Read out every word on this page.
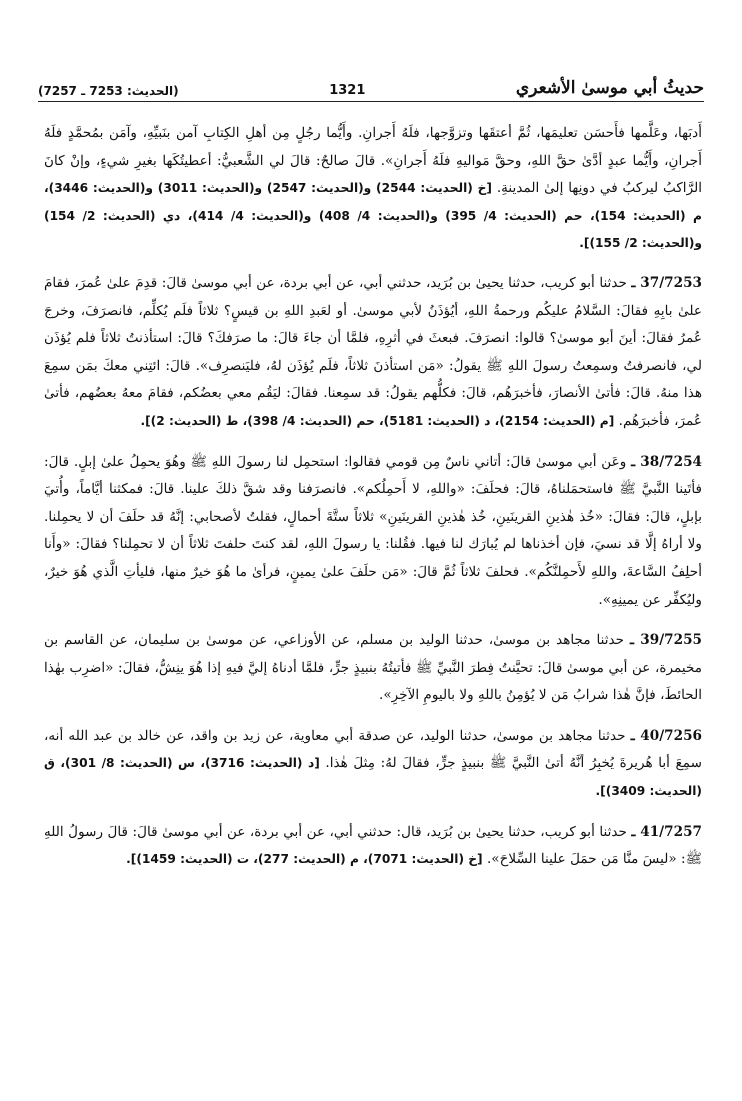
حديثُ أبي موسىٰ الأشعري
1321
(الحديث: 7253 ـ 7257)

أَدبَها، وعَلَّمها فأَحسَن تعليمَها، ثُمَّ أعتقَها وتزوَّجها، فلَهُ أَجرانِ. وأَيُّما رجُلٍ مِن أهلِ الكِتابِ آمن بنَبيِّهِ، وآمَن بمُحمَّدٍ فلَهُ أَجرانِ، وأَيُّما عبدٍ أدَّىٰ حقَّ اللهِ، وحقَّ مَواليهِ فلَهُ أَجرانِ». قالَ صالحٌ: قالَ لي الشَّعبيُّ: أعطيتُكَها بغيرِ شيءٍ، وإنْ كانَ الرَّاكبُ ليركبُ في دونِها إلىٰ المدينةِ. [خ (الحديث: 2544) و(الحديث: 2547) و(الحديث: 3011) و(الحديث: 3446)، م (الحديث: 154)، حم (الحديث: 4/ 395) و(الحديث: 4/ 408) و(الحديث: 4/ 414)، دي (الحديث: 2/ 154) و(الحديث: 2/ 155)].

37/7253 ـ حدثنا أبو كريب، حدثنا يحيىٰ بن بُرَيد، حدثني أبي، عن أبي بردة، عن أبي موسىٰ قالَ: قدِمَ علىٰ عُمرَ، فقامَ علىٰ بابِهِ فقالَ: السَّلامُ عليكُم ورحمةُ اللهِ، أيُؤذَنُ لأبي موسىٰ. أو لعَبدِ اللهِ بن قيسٍ؟ ثلاثاً فلَم يُكلِّم، فانصرَفَ، وخرجَ عُمرُ فقالَ: أينَ أبو موسىٰ؟ قالوا: انصرَفَ. فبعثَ في أثرِهِ، فلمَّا أن جاءَ قالَ: ما صرَفكَ؟ قالَ: استأذنتُ ثلاثاً فلم يُؤذَن لي، فانصرفتُ وسمِعتُ رسولَ اللهِ ﷺ يقولُ: «مَن استأذنَ ثلاثاً، فلَم يُؤذَن لهُ، فليَنصرِف». قالَ: ائتِني معكَ بمَن سمِعَ هذا منهُ. قالَ: فأتىٰ الأنصارَ، فأخبرَهُم، قالَ: فكلُّهم يقولُ: قد سمِعنا. فقالَ: ليَقُم معي بعضُكم، فقامَ معهُ بعضُهم، فأتىٰ عُمرَ، فأخبرَهُم. [م (الحديث: 2154)، د (الحديث: 5181)، حم (الحديث: 4/ 398)، ط (الحديث: 2)].

38/7254 ـ وعَن أبي موسىٰ قالَ: أتاني ناسٌ مِن قومي فقالوا: استحمِل لنا رسولَ اللهِ ﷺ وهُوَ يحمِلُ علىٰ إبلٍ. قالَ: فأتَينا النَّبيَّ ﷺ فاستحمَلناهُ، قالَ: فحلَفَ: «واللهِ، لا أَحمِلُكم». فانصرَفنا وقد شقَّ ذلكَ علينا. قالَ: فمكثنا أيَّاماً، وأُتيَ بإبلٍ، قالَ: فقالَ: «خُذ هٰذينِ القرينَينِ، خُذ هٰذينِ القرينَينِ» ثلاثاً ستَّةَ أحمالٍ، فقلتُ لأصحابي: إنَّهُ قد حلَفَ أن لا يحمِلنا. ولا أراهُ إلَّا قد نسيَ، فإن أخذناها لم يُبارَك لنا فيها. فقُلنا: يا رسولَ اللهِ، لقد كنتَ حلفتَ ثلاثاً أن لا تحمِلنا؟ فقالَ: «وأَنا أحلِفُ السَّاعةَ، واللهِ لأَحمِلنَّكُم». فحلفَ ثلاثاً ثُمَّ قالَ: «مَن حلَفَ علىٰ يمينٍ، فرأىٰ ما هُوَ خيرٌ منها، فليأتِ الَّذي هُوَ خيرٌ، وليُكفِّر عن يمينِهِ».

39/7255 ـ حدثنا مجاهد بن موسىٰ، حدثنا الوليد بن مسلم، عن الأوزاعي، عن موسىٰ بن سليمان، عن القاسم بن مخيمرة، عن أبي موسىٰ قالَ: تحيَّنتُ فِطرَ النَّبيِّ ﷺ فأتيتُهُ بنبيذٍ جرٍّ، فلمَّا أدناهُ إليَّ فيهِ إذا هُوَ ينِشُّ، فقالَ: «اضرِب بهٰذا الحائطَ، فإنَّ هٰذا شرابُ مَن لا يُؤمِنُ باللهِ ولا باليومِ الآخِرِ».

40/7256 ـ حدثنا مجاهد بن موسىٰ، حدثنا الوليد، عن صدقة أبي معاوية، عن زيد بن واقد، عن خالد بن عبد الله أنه، سمِعَ أبا هُريرةَ يُخبِرُ أنَّهُ أتىٰ النَّبيَّ ﷺ بنبيذٍ جرٍّ، فقالَ لهُ: مِثلَ هٰذا. [د (الحديث: 3716)، س (الحديث: 8/ 301)، ق (الحديث: 3409)].

41/7257 ـ حدثنا أبو كريب، حدثنا يحيىٰ بن بُرَيد، قال: حدثني أبي، عن أبي بردة، عن أبي موسىٰ قالَ: قالَ رسولُ اللهِ ﷺ: «ليسَ منَّا مَن حمَلَ علينا السِّلاحَ». [خ (الحديث: 7071)، م (الحديث: 277)، ت (الحديث: 1459)].
